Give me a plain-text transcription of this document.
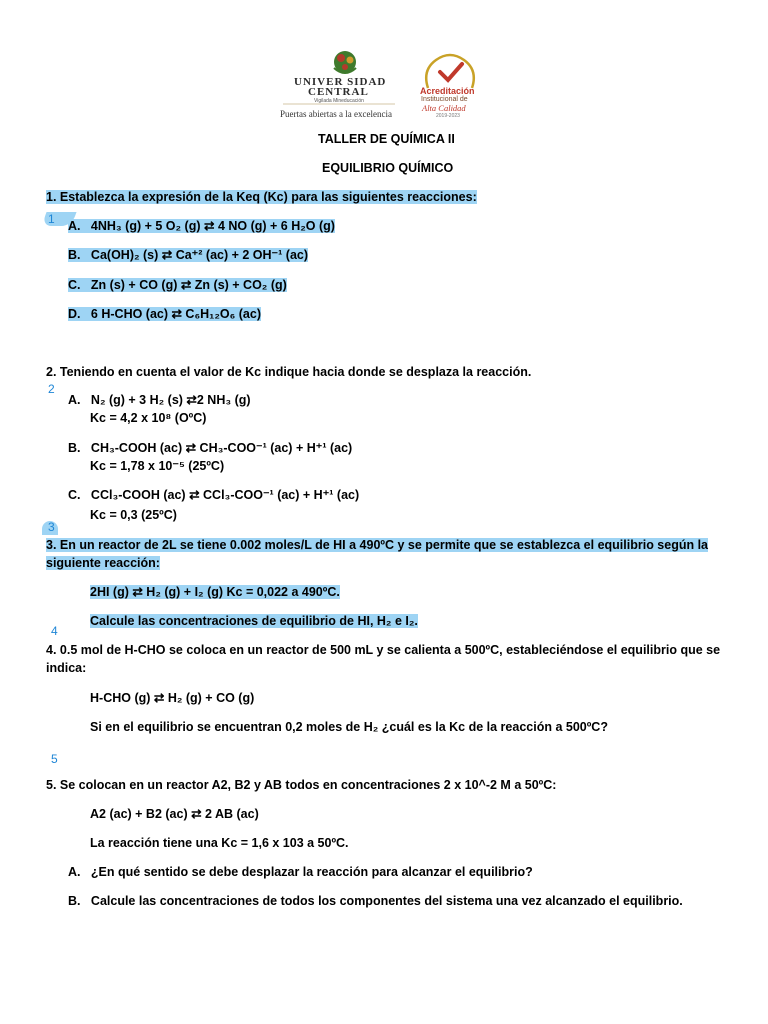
UNIVER SIDAD
CENTRAL
Vigilada Mineducación
Puertas abiertas a la excelencia
Acreditación
Institucional de
Alta Calidad
2019-2023
TALLER DE QUÍMICA II
EQUILIBRIO QUÍMICO
1. Establezca la expresión de la Keq (Kc) para las siguientes reacciones:
1 A. 4NH₃ (g) + 5 O₂ (g) ⇄ 4 NO (g) + 6 H₂O (g)
B. Ca(OH)₂ (s) ⇄ Ca⁺² (ac) + 2 OH⁻¹ (ac)
C. Zn (s) + CO (g) ⇄ Zn (s) + CO₂ (g)
D. 6 H-CHO (ac) ⇄ C₆H₁₂O₆ (ac)
2. Teniendo en cuenta el valor de Kc indique hacia donde se desplaza la reacción.
2
A. N₂ (g) + 3 H₂ (s) ⇄2 NH₃ (g)
Kc = 4,2 x 10⁸ (OºC)
B. CH₃-COOH (ac) ⇄ CH₃-COO⁻¹ (ac) + H⁺¹ (ac)
Kc = 1,78 x 10⁻⁵ (25ºC)
C. CCl₃-COOH (ac) ⇄ CCl₃-COO⁻¹ (ac) + H⁺¹ (ac)
Kc = 0,3 (25ºC)
3
3. En un reactor de 2L se tiene 0.002 moles/L de HI a 490ºC y se permite que se establezca el equilibrio según la
siguiente reacción:
2HI (g) ⇄ H₂ (g) + I₂ (g) Kc = 0,022 a 490ºC.
Calcule las concentraciones de equilibrio de HI, H₂ e I₂.
4
4. 0.5 mol de H-CHO se coloca en un reactor de 500 mL y se calienta a 500ºC, estableciéndose el equilibrio que se
indica:
H-CHO (g) ⇄ H₂ (g) + CO (g)
Si en el equilibrio se encuentran 0,2 moles de H₂ ¿cuál es la Kc de la reacción a 500ºC?
5
5. Se colocan en un reactor A2, B2 y AB todos en concentraciones 2 x 10^-2 M a 50ºC:
A2 (ac) + B2 (ac) ⇄ 2 AB (ac)
La reacción tiene una Kc = 1,6 x 103 a 50ºC.
A. ¿En qué sentido se debe desplazar la reacción para alcanzar el equilibrio?
B. Calcule las concentraciones de todos los componentes del sistema una vez alcanzado el equilibrio.
